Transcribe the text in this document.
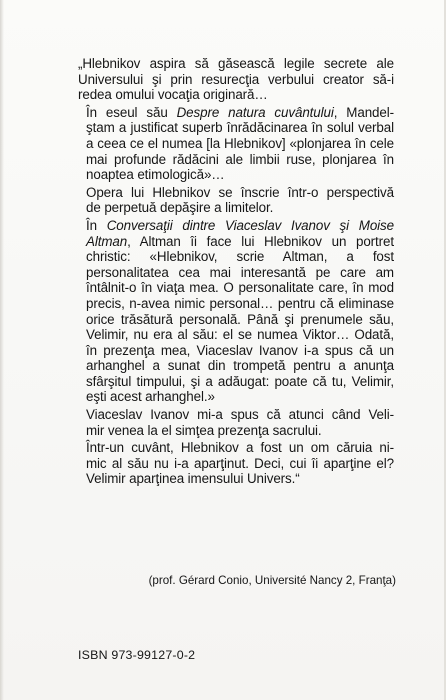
„Hlebnikov aspira să găsească legile secrete ale
Universului şi prin resurecţia verbului creator să-i
redea omului vocaţia originară…
În eseul său Despre natura cuvântului, Mandel-
ştam a justificat superb înrădăcinarea în solul verbal
a ceea ce el numea [la Hlebnikov] «plonjarea în cele
mai profunde rădăcini ale limbii ruse, plonjarea în
noaptea etimologică»…
Opera lui Hlebnikov se înscrie într-o perspectivă
de perpetuă depăşire a limitelor.
În Conversaţii dintre Viaceslav Ivanov şi Moise
Altman, Altman îi face lui Hlebnikov un portret
christic: «Hlebnikov, scrie Altman, a fost
personalitatea cea mai interesantă pe care am
întâlnit-o în viaţa mea. O personalitate care, în mod
precis, n-avea nimic personal… pentru că eliminase
orice trăsătură personală. Până şi prenumele său,
Velimir, nu era al său: el se numea Viktor… Odată,
în prezenţa mea, Viaceslav Ivanov i-a spus că un
arhanghel a sunat din trompetă pentru a anunţa
sfârşitul timpului, şi a adăugat: poate că tu, Velimir,
eşti acest arhanghel.»
Viaceslav Ivanov mi-a spus că atunci când Veli-
mir venea la el simţea prezenţa sacrului.
Într-un cuvânt, Hlebnikov a fost un om căruia ni-
mic al său nu i-a aparţinut. Deci, cui îi aparţine el?
Velimir aparţinea imensului Univers.“
(prof. Gérard Conio, Université Nancy 2, Franţa)
ISBN 973-99127-0-2
